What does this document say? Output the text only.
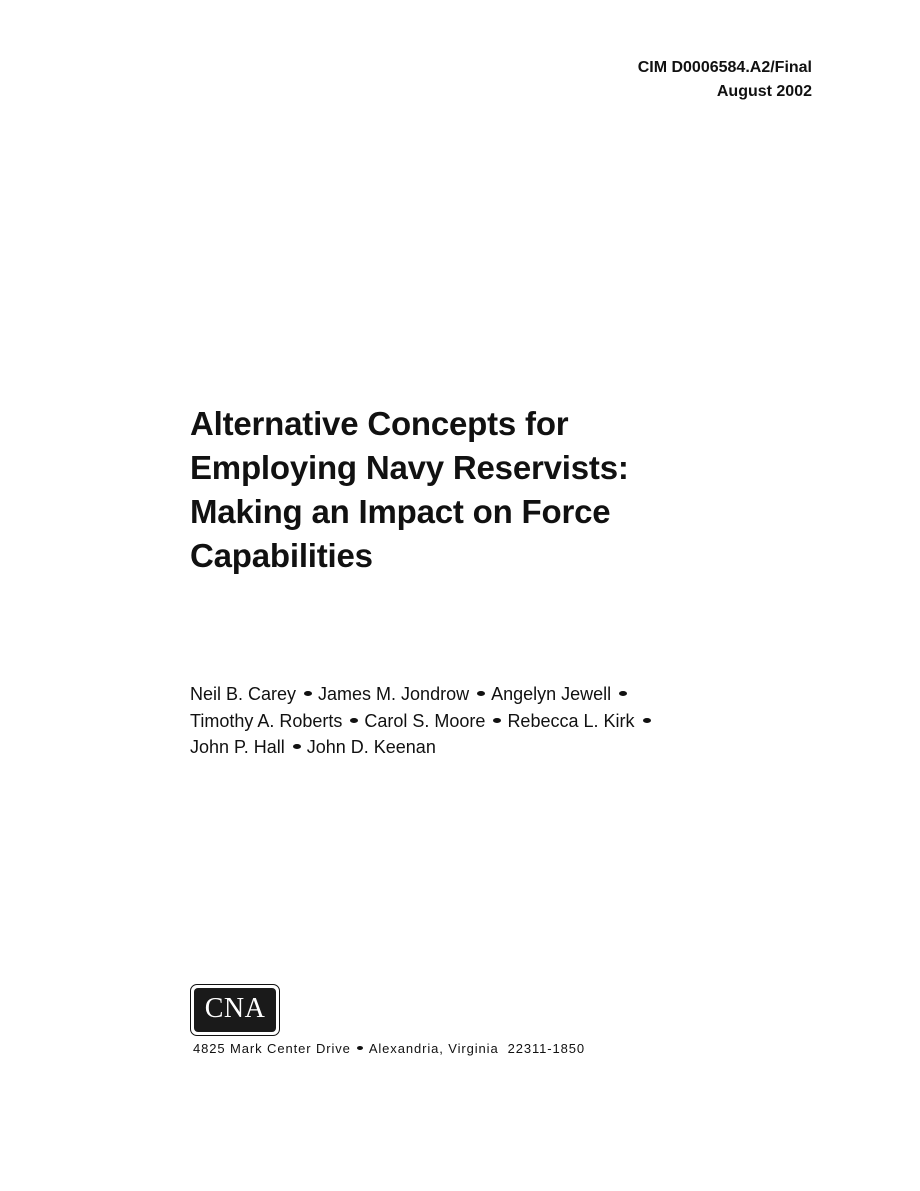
CIM D0006584.A2/Final
August 2002
Alternative Concepts for
Employing Navy Reservists:
Making an Impact on Force
Capabilities
Neil B. Carey James M. Jondrow Angelyn Jewell
Timothy A. Roberts Carol S. Moore Rebecca L. Kirk
John P. Hall John D. Keenan
CNA
4825 Mark Center Drive Alexandria, Virginia  22311-1850
